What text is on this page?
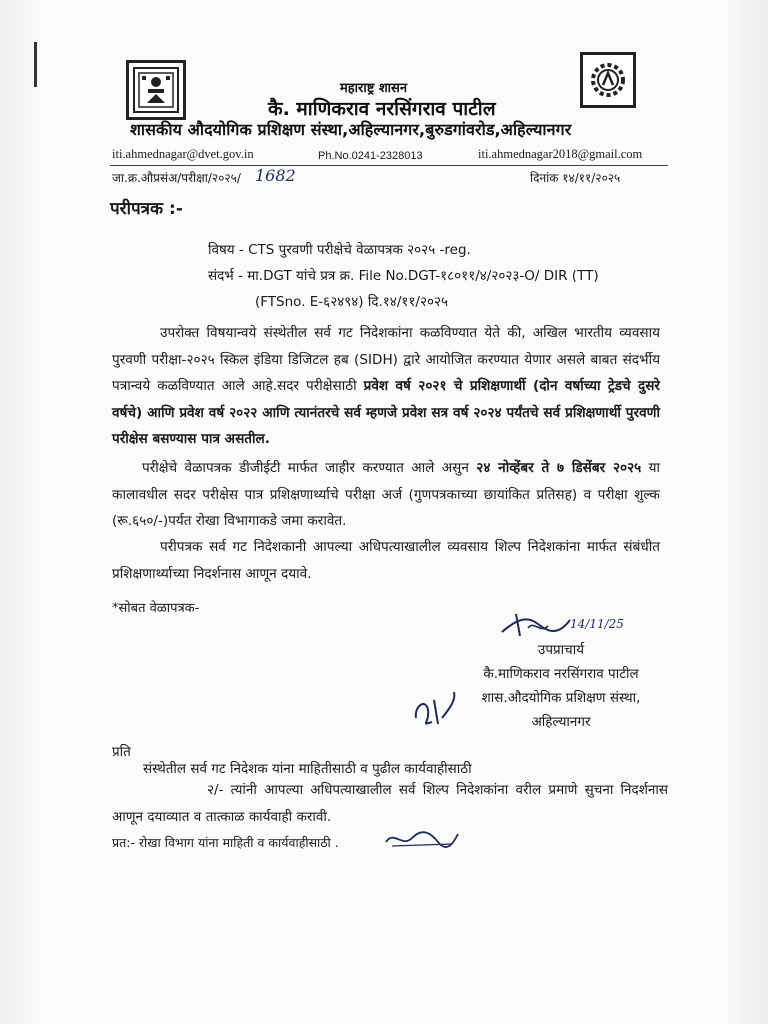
महाराष्ट्र शासन
कै. माणिकराव नरसिंगराव पाटील
शासकीय औदयोगिक प्रशिक्षण संस्था,अहिल्यानगर,बुरुडगांवरोड,अहिल्यानगर
iti.ahmednagar@dvet.gov.in	Ph.No.0241-2328013	iti.ahmednagar2018@gmail.com
जा.क्र.औप्रसंअ/परीक्षा/२०२५/ 1682	दिनांक १४/११/२०२५
परीपत्रक :-
विषय - CTS पुरवणी परीक्षेचे वेळापत्रक २०२५ -reg.
संदर्भ - मा.DGT यांचे प्रत्र क्र. File No.DGT-१८०११/४/२०२३-O/ DIR (TT)
(FTSno. E-६२४९४) दि.१४/११/२०२५

उपरोक्त विषयान्वये संस्थेतील सर्व गट निदेशकांना कळविण्यात येते की, अखिल भारतीय व्यवसाय पुरवणी परीक्षा-२०२५ स्किल इंडिया डिजिटल हब (SIDH) द्वारे आयोजित करण्यात येणार असले बाबत संदर्भीय पत्रान्वये कळविण्यात आले आहे.सदर परीक्षेसाठी प्रवेश वर्ष २०२१ चे प्रशिक्षणार्थी (दोन वर्षाच्या ट्रेडचे दुसरे वर्षचे) आणि प्रवेश वर्ष २०२२ आणि त्यानंतरचे सर्व म्हणजे प्रवेश सत्र वर्ष २०२४ पर्यंतचे सर्व प्रशिक्षणार्थी पुरवणी परीक्षेस बसण्यास पात्र असतील.

परीक्षेचे वेळापत्रक डीजीईटी मार्फत जाहीर करण्यात आले असुन २४ नोव्हेंबर ते ७ डिसेंबर २०२५ या कालावधील सदर परीक्षेस पात्र प्रशिक्षणार्थ्याचे परीक्षा अर्ज (गुणपत्रकाच्या छायांकित प्रतिसह) व परीक्षा शुल्क (रू.६५०/-)पर्यत रोखा विभागाकडे जमा करावेत.

परीपत्रक सर्व गट निदेशकानी आपल्या अधिपत्याखालील व्यवसाय शिल्प निदेशकांना मार्फत संबंधीत प्रशिक्षणार्थ्याच्या निदर्शनास आणून दयावे.

*सोबत वेळापत्रक-
14/11/25
उपप्राचार्य
कै.माणिकराव नरसिंगराव पाटील
शास.औदयोगिक प्रशिक्षण संस्था,
अहिल्यानगर
प्रति
संस्थेतील सर्व गट निदेशक यांना माहितीसाठी व पुढील कार्यवाहीसाठी
२/- त्यांनी आपल्या अधिपत्याखालील सर्व शिल्प निदेशकांना वरील प्रमाणे सुचना निदर्शनास आणून दयाव्यात व तात्काळ कार्यवाही करावी.
प्रत:- रोखा विभाग यांना माहिती व कार्यवाहीसाठी .
